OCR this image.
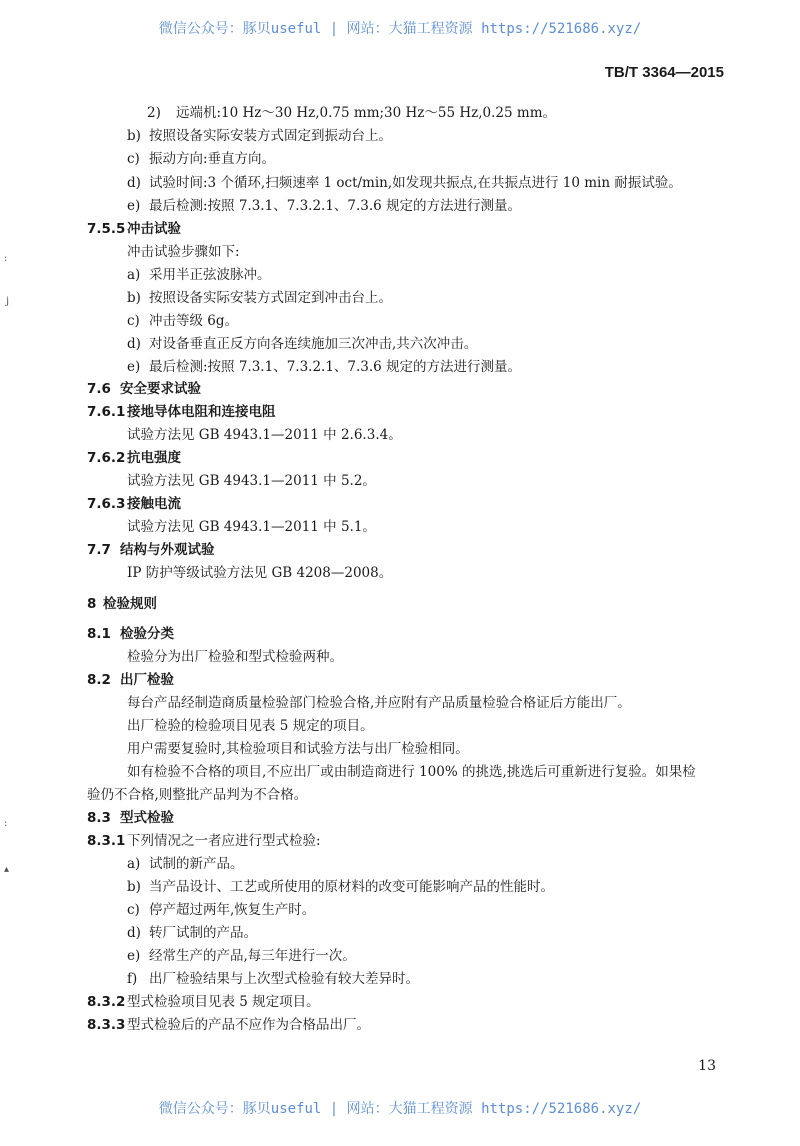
微信公众号：豚贝useful | 网站：大猫工程资源 https://521686.xyz/
TB/T 3364—2015
:
j
:
▴
2) 远端机:10 Hz～30 Hz,0.75 mm;30 Hz～55 Hz,0.25 mm。
b) 按照设备实际安装方式固定到振动台上。
c) 振动方向:垂直方向。
d) 试验时间:3 个循环,扫频速率 1 oct/min,如发现共振点,在共振点进行 10 min 耐振试验。
e) 最后检测:按照 7.3.1、7.3.2.1、7.3.6 规定的方法进行测量。
7.5.5 冲击试验
冲击试验步骤如下:
a) 采用半正弦波脉冲。
b) 按照设备实际安装方式固定到冲击台上。
c) 冲击等级 6g。
d) 对设备垂直正反方向各连续施加三次冲击,共六次冲击。
e) 最后检测:按照 7.3.1、7.3.2.1、7.3.6 规定的方法进行测量。
7.6 安全要求试验
7.6.1 接地导体电阻和连接电阻
试验方法见 GB 4943.1—2011 中 2.6.3.4。
7.6.2 抗电强度
试验方法见 GB 4943.1—2011 中 5.2。
7.6.3 接触电流
试验方法见 GB 4943.1—2011 中 5.1。
7.7 结构与外观试验
IP 防护等级试验方法见 GB 4208—2008。
8 检验规则
8.1 检验分类
检验分为出厂检验和型式检验两种。
8.2 出厂检验
每台产品经制造商质量检验部门检验合格,并应附有产品质量检验合格证后方能出厂。
出厂检验的检验项目见表 5 规定的项目。
用户需要复验时,其检验项目和试验方法与出厂检验相同。
如有检验不合格的项目,不应出厂或由制造商进行 100% 的挑选,挑选后可重新进行复验。如果检
验仍不合格,则整批产品判为不合格。
8.3 型式检验
8.3.1 下列情况之一者应进行型式检验:
a) 试制的新产品。
b) 当产品设计、工艺或所使用的原材料的改变可能影响产品的性能时。
c) 停产超过两年,恢复生产时。
d) 转厂试制的产品。
e) 经常生产的产品,每三年进行一次。
f) 出厂检验结果与上次型式检验有较大差异时。
8.3.2 型式检验项目见表 5 规定项目。
8.3.3 型式检验后的产品不应作为合格品出厂。
13
微信公众号：豚贝useful | 网站：大猫工程资源 https://521686.xyz/
